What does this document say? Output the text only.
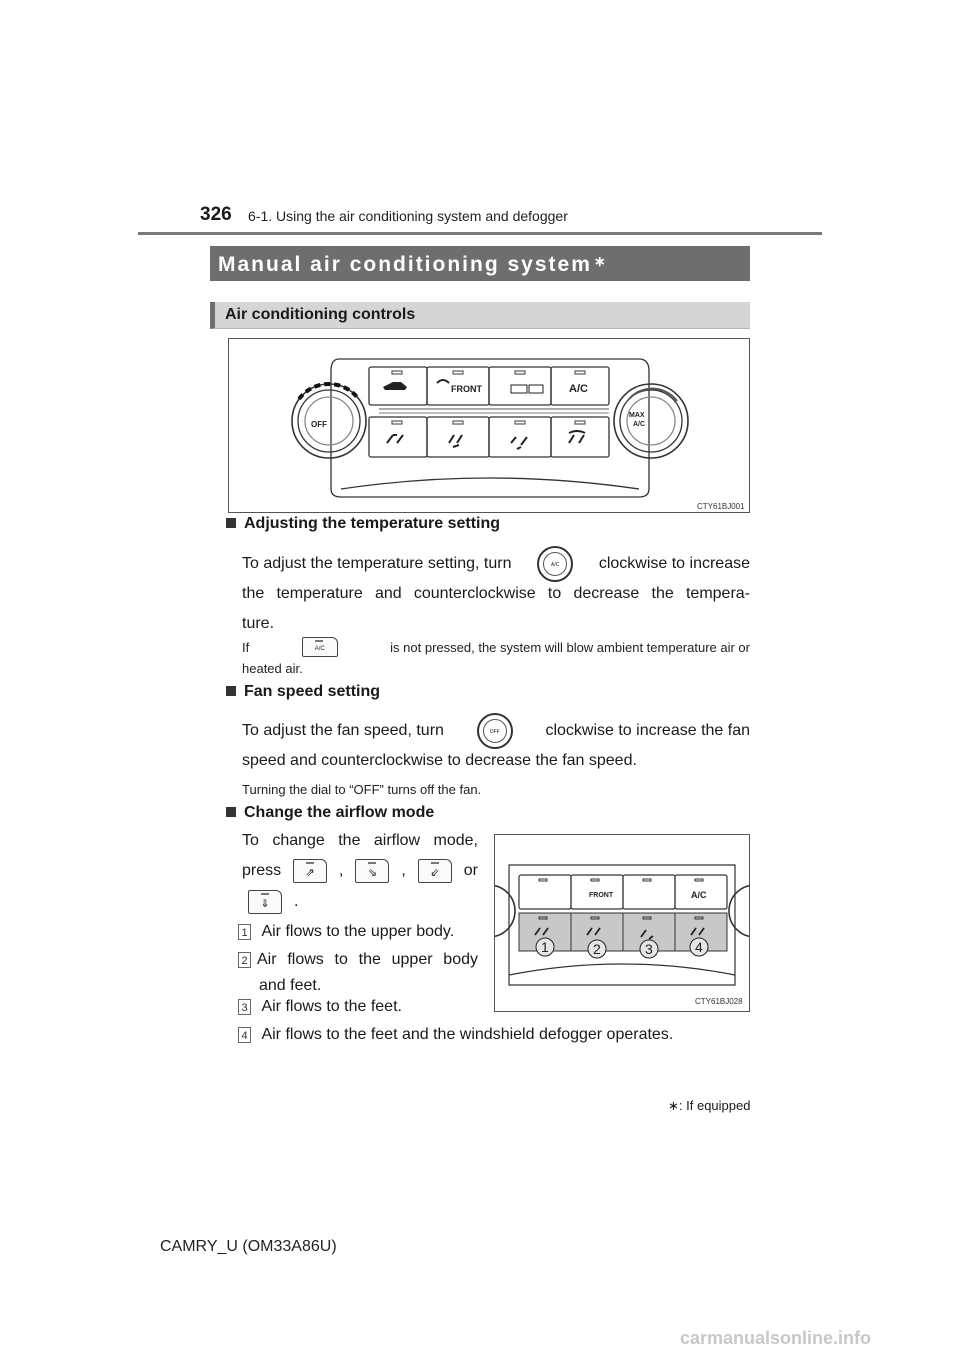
326 6-1. Using the air conditioning system and defogger
Manual air conditioning system ∗
Air conditioning controls
FRONT	A/C
OFF
MAX
A/C
CTY61BJ001
Adjusting the temperature setting
To adjust the temperature setting, turn	A/C	clockwise to increase
the temperature and counterclockwise to decrease the tempera-
ture.
If	A/C	is not pressed, the system will blow ambient temperature air or
heated air.
Fan speed setting
To adjust the fan speed, turn	OFF	clockwise to increase the fan
speed and counterclockwise to decrease the fan speed.
Turning the dial to “OFF” turns off the fan.
Change the airflow mode
To change the airflow mode,
press	⇗	,	⇘	,	⇙	or
⇓	.
1 Air flows to the upper body.
2 Air flows to the upper body
and feet.
3 Air flows to the feet.
4 Air flows to the feet and the windshield defogger operates.
FRONT	A/C
1	2	3	4
CTY61BJ028
∗: If equipped
CAMRY_U (OM33A86U)
carmanualsonline.info
